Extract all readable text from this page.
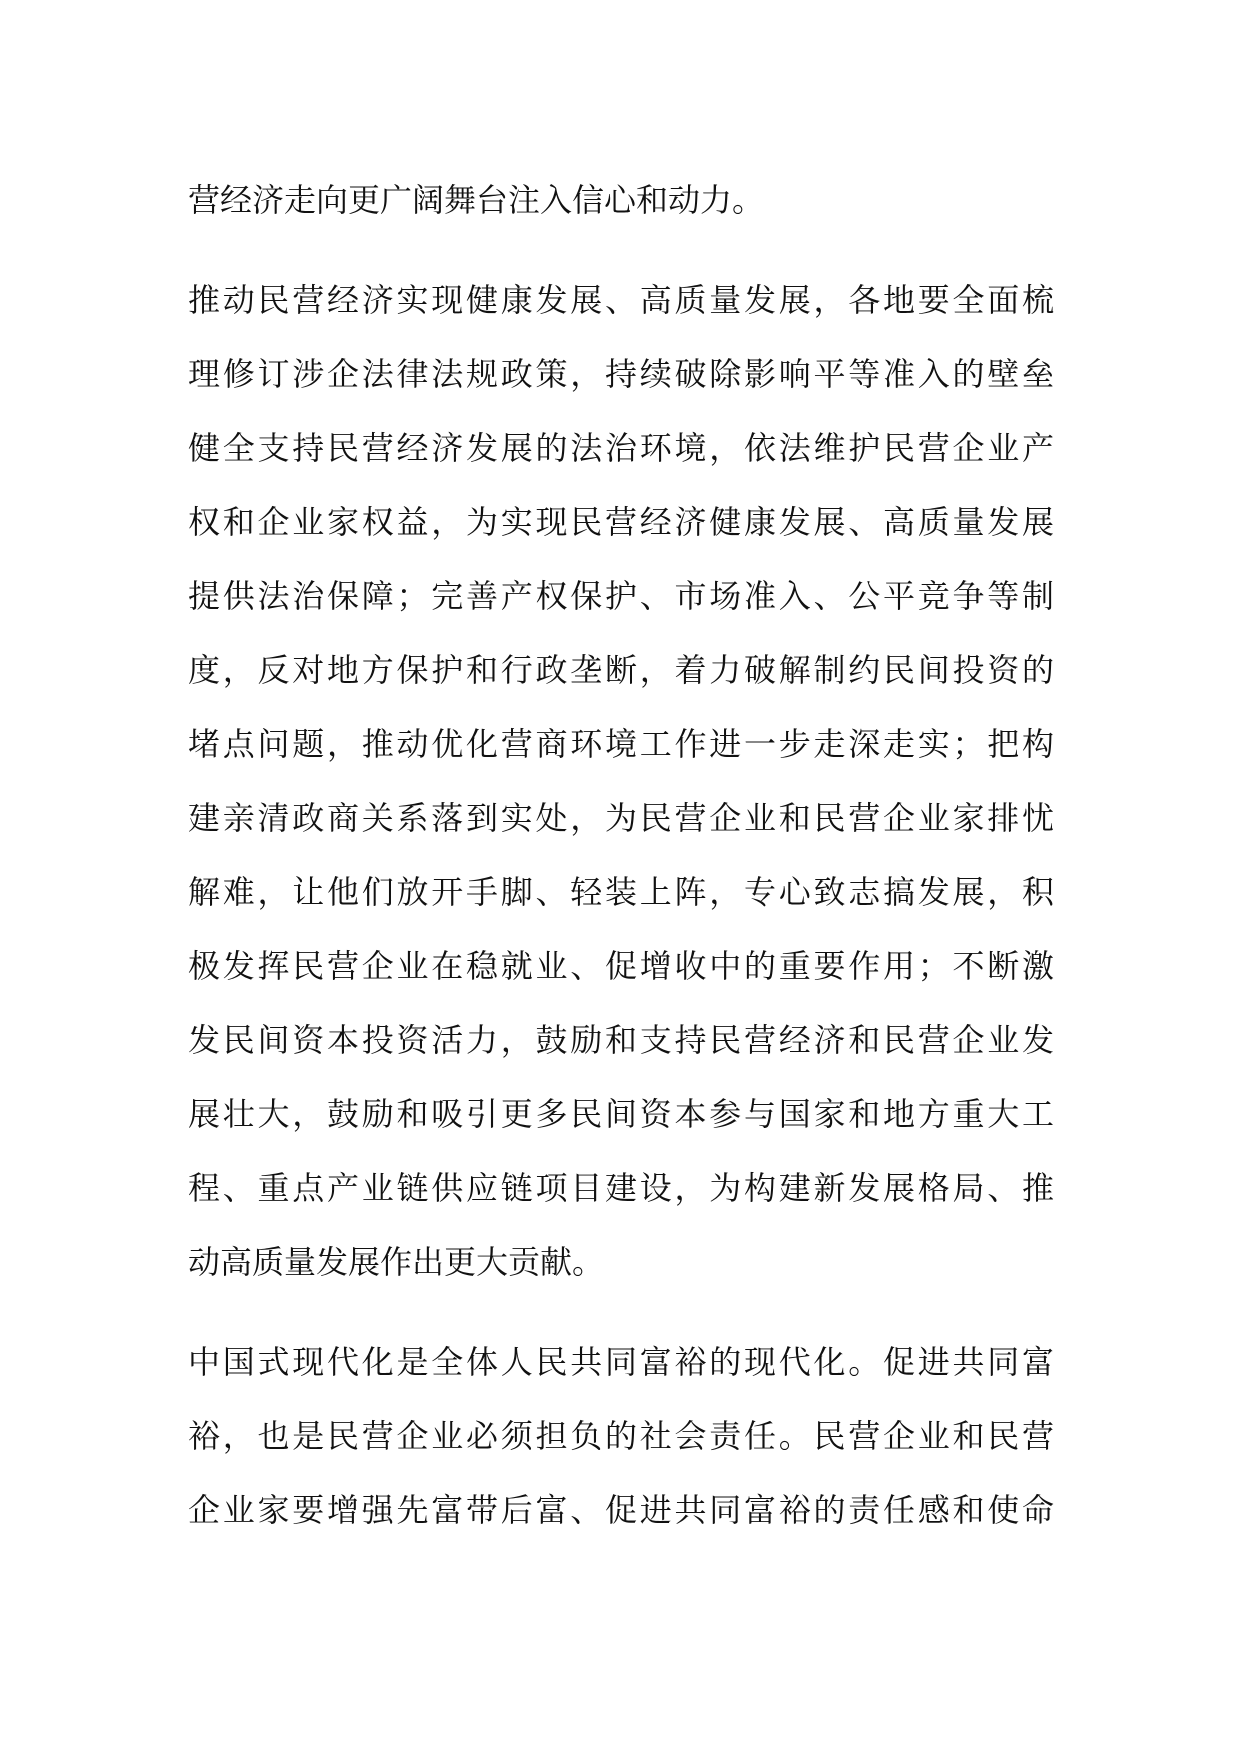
营经济走向更广阔舞台注入信心和动力。
推动民营经济实现健康发展、高质量发展，各地要全面梳
理修订涉企法律法规政策，持续破除影响平等准入的壁垒
健全支持民营经济发展的法治环境，依法维护民营企业产
权和企业家权益，为实现民营经济健康发展、高质量发展
提供法治保障；完善产权保护、市场准入、公平竞争等制
度，反对地方保护和行政垄断，着力破解制约民间投资的
堵点问题，推动优化营商环境工作进一步走深走实；把构
建亲清政商关系落到实处，为民营企业和民营企业家排忧
解难，让他们放开手脚、轻装上阵，专心致志搞发展，积
极发挥民营企业在稳就业、促增收中的重要作用；不断激
发民间资本投资活力，鼓励和支持民营经济和民营企业发
展壮大，鼓励和吸引更多民间资本参与国家和地方重大工
程、重点产业链供应链项目建设，为构建新发展格局、推
动高质量发展作出更大贡献。
中国式现代化是全体人民共同富裕的现代化。促进共同富
裕，也是民营企业必须担负的社会责任。民营企业和民营
企业家要增强先富带后富、促进共同富裕的责任感和使命
